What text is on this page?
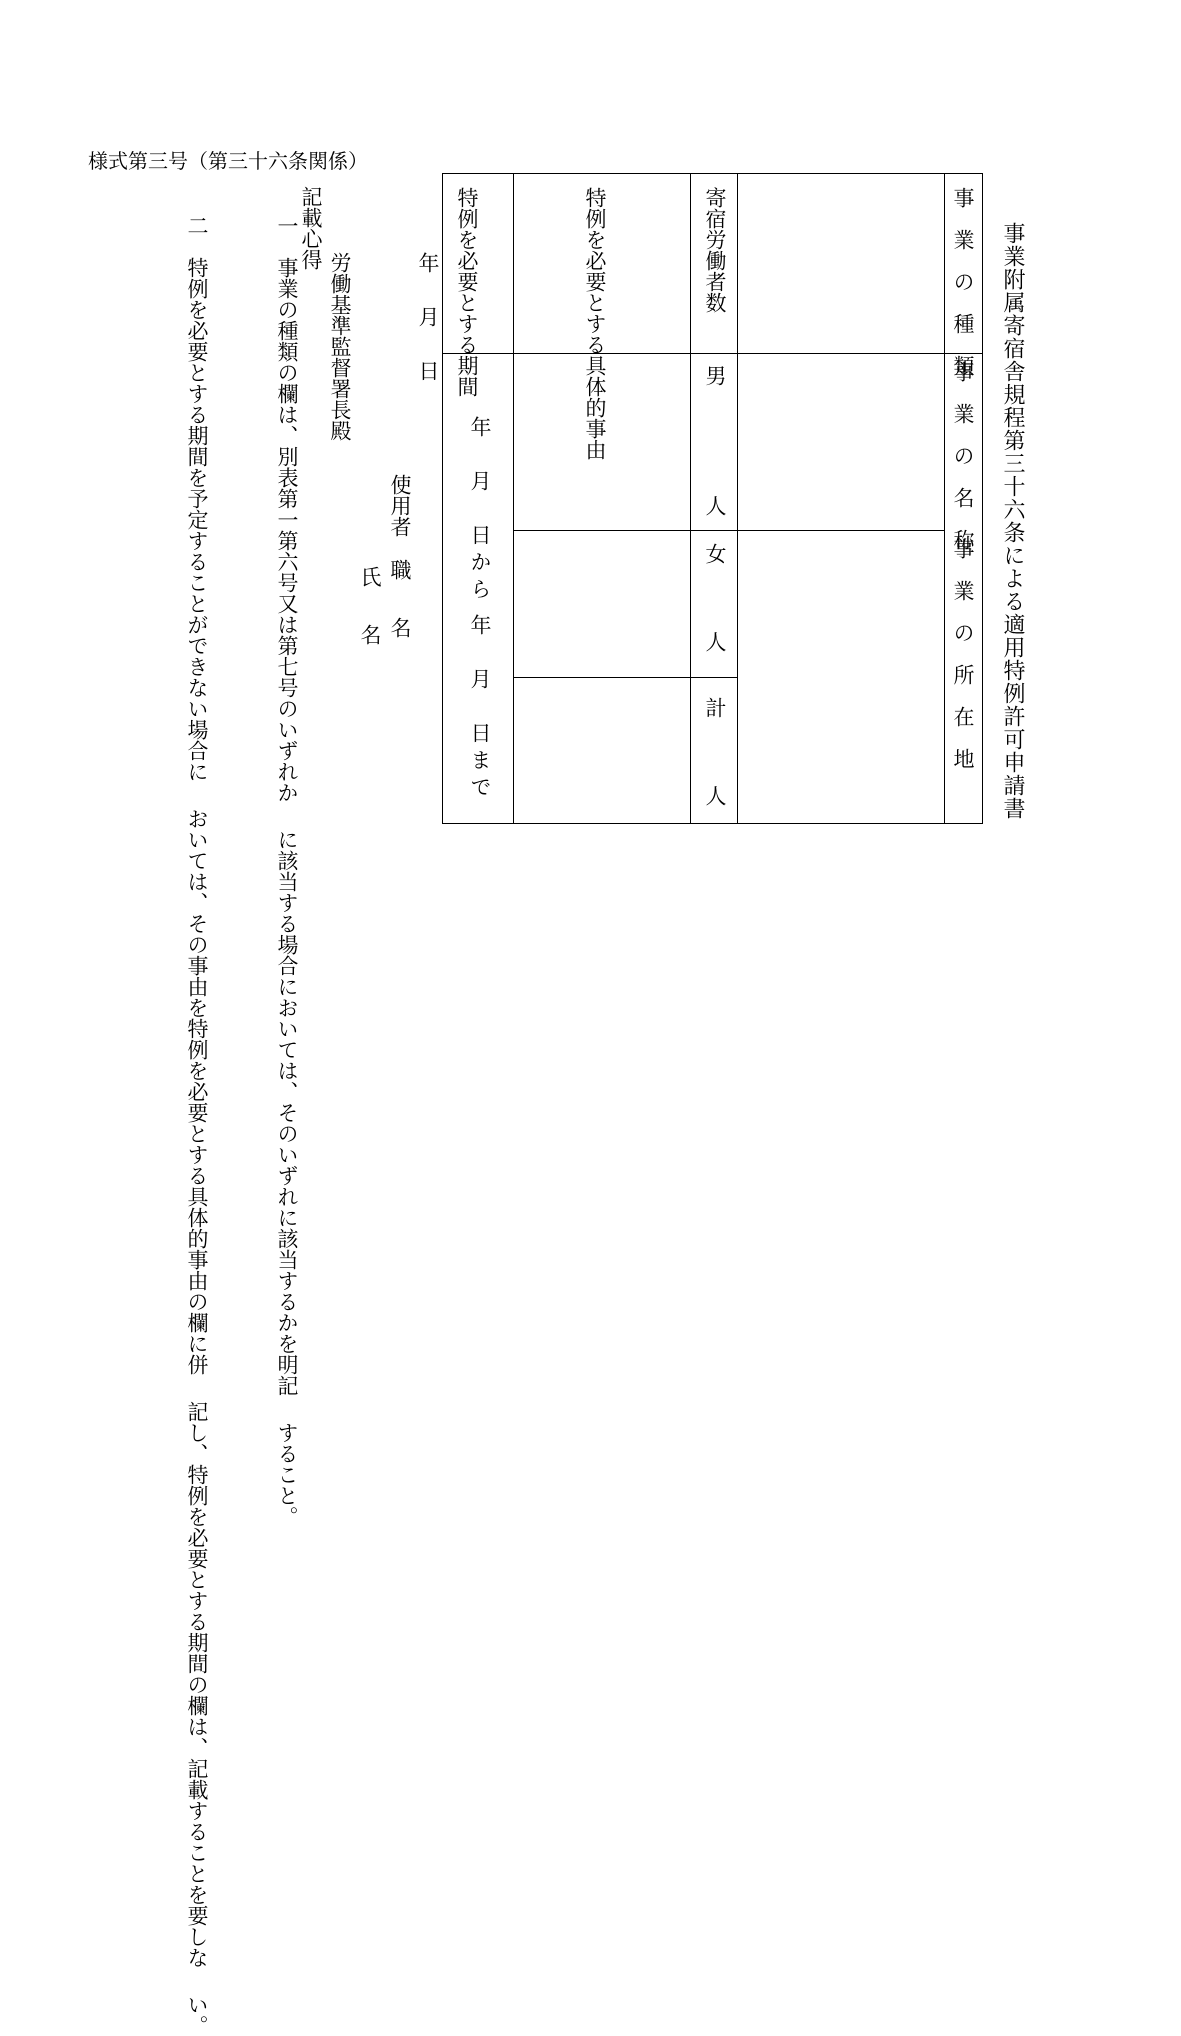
様式第三号（第三十六条関係）
事業附属寄宿舎規程第三十六条による適用特例許可申請書
事　業　の　種　類
事　業　の　名　称
事　業　の　所　在　地
寄宿労働者数
男
人
女
人
計
人
特例を必要とする具体的事由
特例を必要とする期間
年　月　日から
年　月　日まで
年　月　日
使用者
職　名
氏　名
労働基準監督署長殿
記載心得
一　事業の種類の欄は、別表第一第六号又は第七号のいずれかに該当する場合においては、そのいずれに該当するかを明記すること。
二　特例を必要とする期間を予定することができない場合においては、その事由を特例を必要とする具体的事由の欄に併記し、特例を必要とする期間の欄は、記載することを要しない。
